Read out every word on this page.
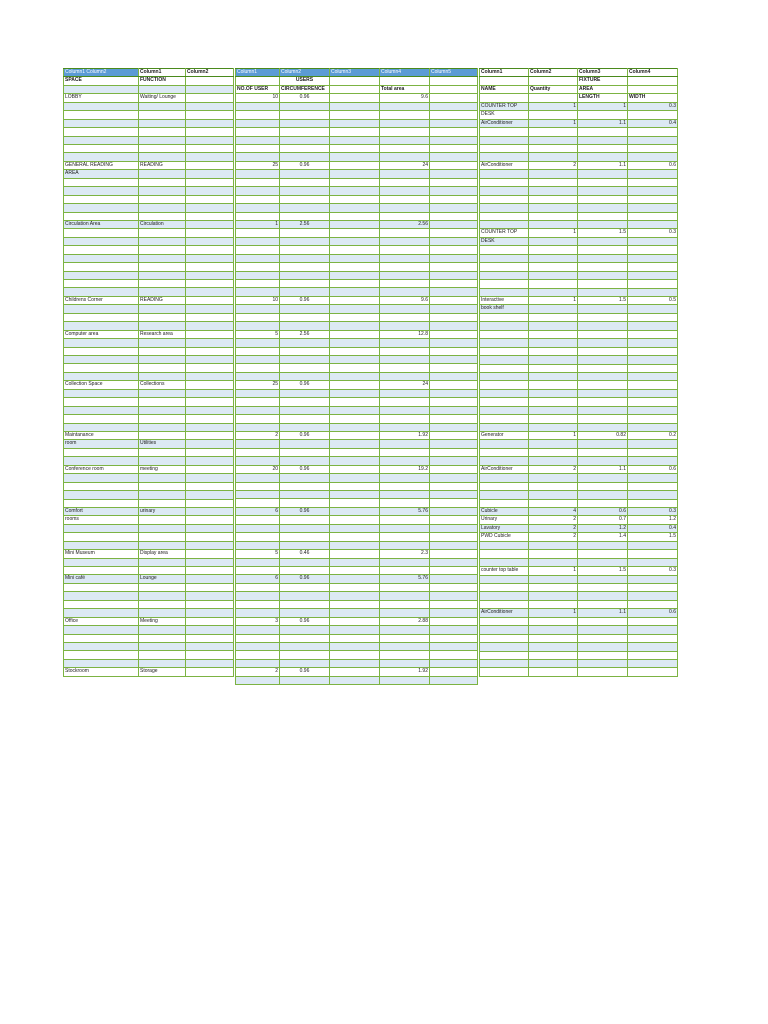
Column1 Column2	Column1	Column2
SPACE	FUNCTION	

LOBBY	Waiting/ Lounge	

GENERAL READING	READING	
AREA		

Circulation Area	Circulation	

Childrens Corner	READING	

Computer area	Research area	

Collection Space	Collections	

Maintanance		
room	Utilities	

Conference room	meeting	

Comfort	urinary	
rooms		

Mini Museum	Display area	

Mini café	Lounge	

Office	Meeting	

Stockroom	Storage	
Column1	Column2	Column3	Column4	Column5
	USERS			
NO.OF USER	CIRCUMFERENCE		Total area	
10	0.96		9.6	

25	0.96		24	

1	2.56		2.56	

10	0.96		9.6	

5	2.56		12.8	

25	0.96		24	

2	0.96		1.92	

20	0.96		19.2	

6	0.96		5.76	

5	0.46		2.3	

6	0.96		5.76	

3	0.96		2.88	

2	0.96		1.92	

Column1	Column2	Column3	Column4
		FIXTURE	
NAME	Quantity	AREA	
		LENGTH	WIDTH
COUNTER TOP	1	1	0.3
DESK			
AirConditioner	1	1.1	0.4

AirConditioner	2	1.1	0.6

COUNTER TOP	1	1.5	0.3
DESK			

Interactive	1	1.5	0.5
book shelf			

Generator	1	0.82	0.2

AirConditioner	2	1.1	0.6

Cubicle	4	0.6	0.3
Urinary	2	0.7	1.2
Lavatory	2	1.2	0.4
PWD Cubicle	2	1.4	1.5

counter top table	1	1.5	0.3

AirConditioner	1	1.1	0.6
